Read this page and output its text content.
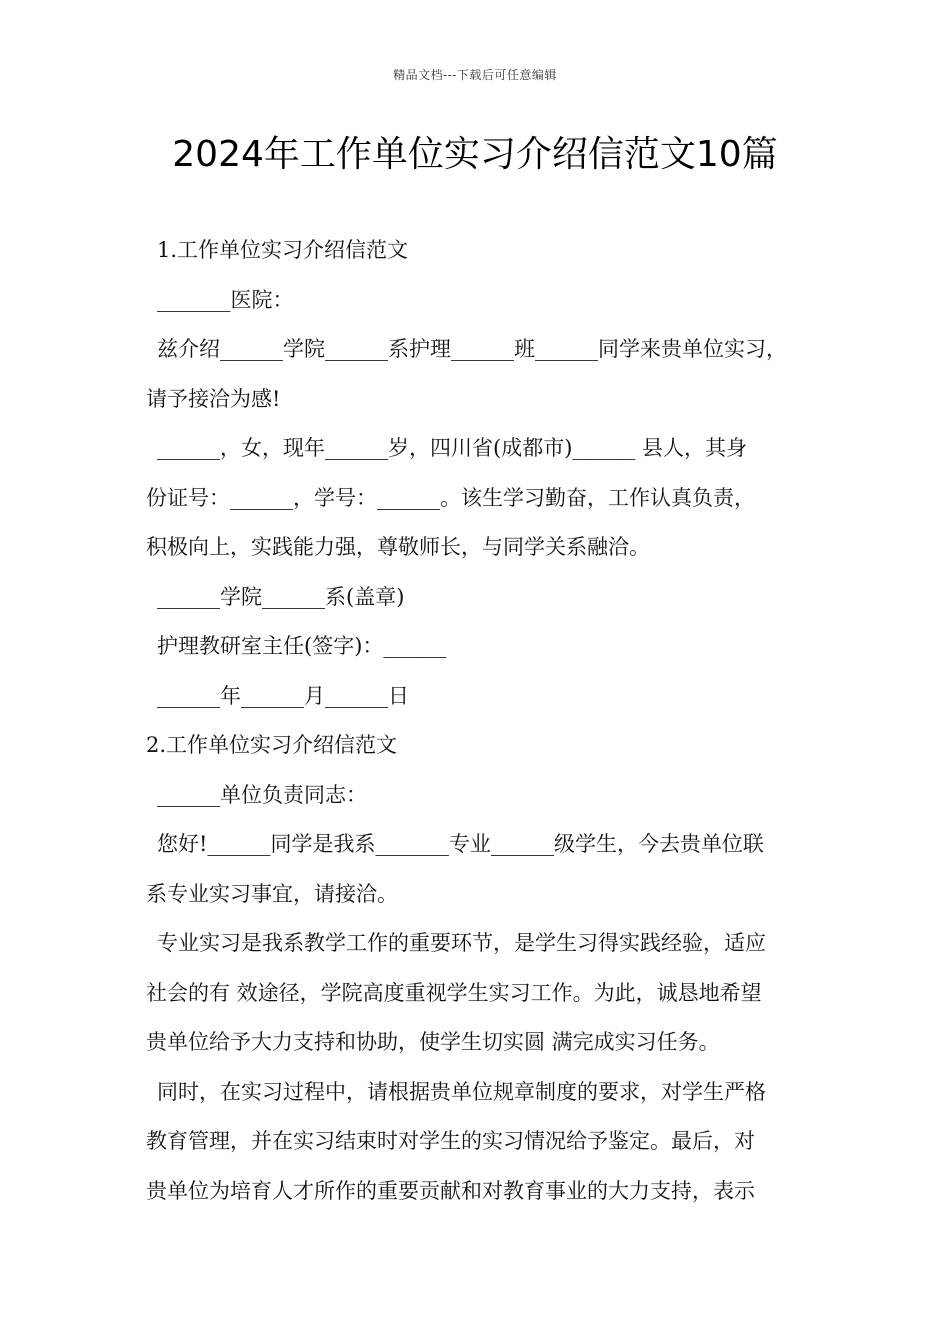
精品文档---下载后可任意编辑
2024年工作单位实习介绍信范文10篇
1.工作单位实习介绍信范文
_______医院：
兹介绍______学院______系护理______班______同学来贵单位实习，
请予接洽为感!
______，女，现年______岁，四川省(成都市)______ 县人，其身
份证号：______，学号：______。该生学习勤奋，工作认真负责，
积极向上，实践能力强，尊敬师长，与同学关系融洽。
______学院______系(盖章)
护理教研室主任(签字)：______
______年______月______日
2.工作单位实习介绍信范文
______单位负责同志：
您好!______同学是我系_______专业______级学生，今去贵单位联
系专业实习事宜，请接洽。
专业实习是我系教学工作的重要环节，是学生习得实践经验，适应
社会的有 效途径，学院高度重视学生实习工作。为此，诚恳地希望
贵单位给予大力支持和协助，使学生切实圆 满完成实习任务。
同时，在实习过程中，请根据贵单位规章制度的要求，对学生严格
教育管理，并在实习结束时对学生的实习情况给予鉴定。最后，对
贵单位为培育人才所作的重要贡献和对教育事业的大力支持，表示
